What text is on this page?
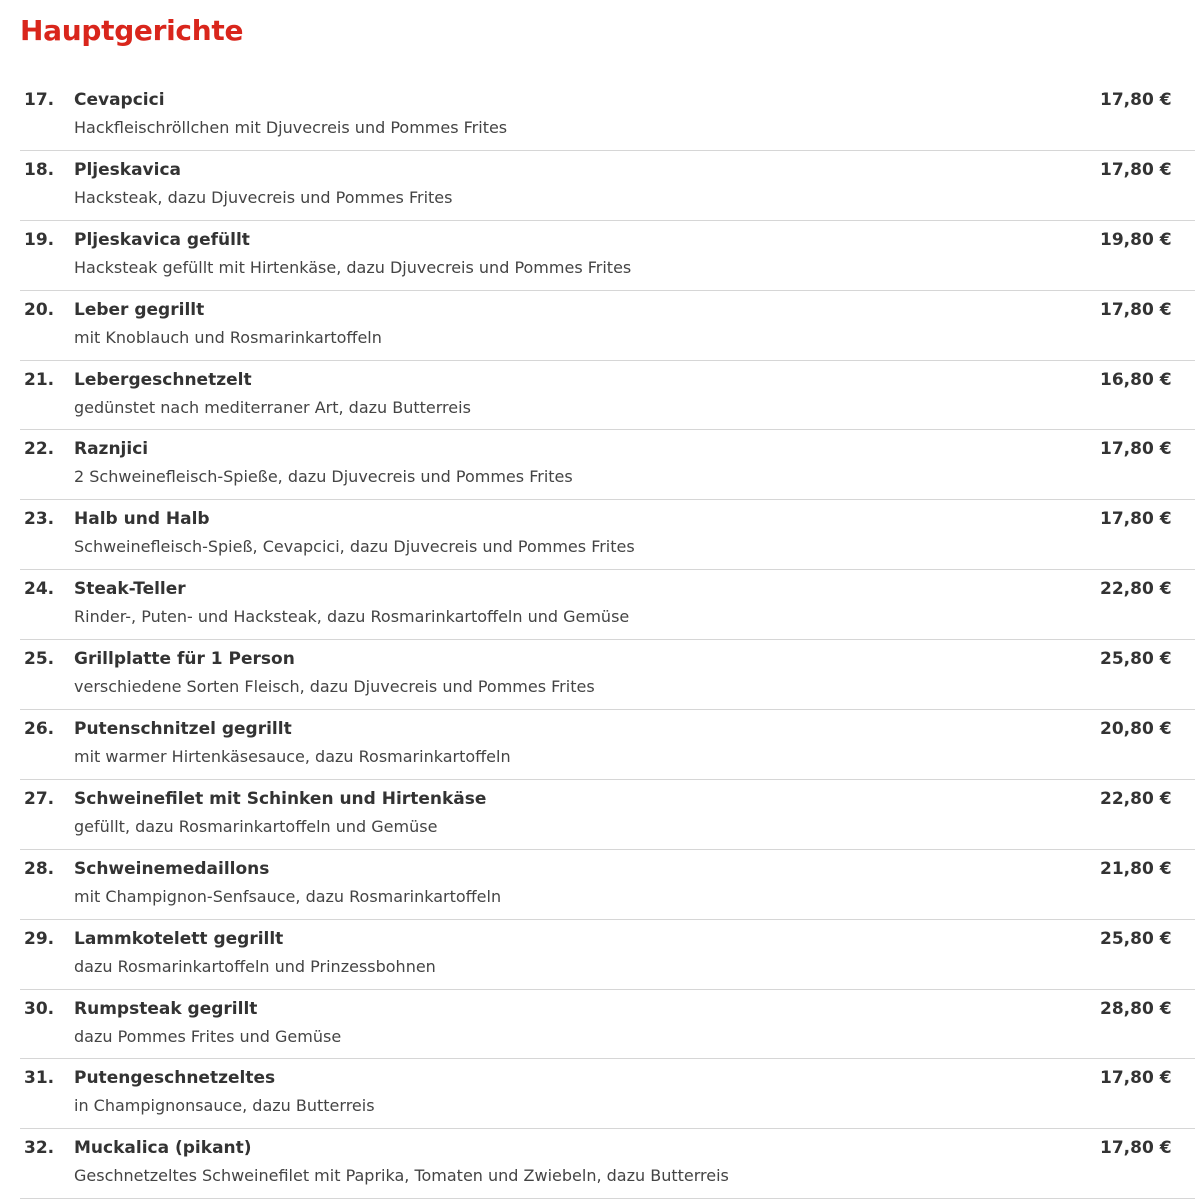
Hauptgerichte
17. Cevapcici
Hackfleischröllchen mit Djuvecreis und Pommes Frites
17,80 €
18. Pljeskavica
Hacksteak, dazu Djuvecreis und Pommes Frites
17,80 €
19. Pljeskavica gefüllt
Hacksteak gefüllt mit Hirtenkäse, dazu Djuvecreis und Pommes Frites
19,80 €
20. Leber gegrillt
mit Knoblauch und Rosmarinkartoffeln
17,80 €
21. Lebergeschnetzelt
gedünstet nach mediterraner Art, dazu Butterreis
16,80 €
22. Raznjici
2 Schweinefleisch-Spieße, dazu Djuvecreis und Pommes Frites
17,80 €
23. Halb und Halb
Schweinefleisch-Spieß, Cevapcici, dazu Djuvecreis und Pommes Frites
17,80 €
24. Steak-Teller
Rinder-, Puten- und Hacksteak, dazu Rosmarinkartoffeln und Gemüse
22,80 €
25. Grillplatte für 1 Person
verschiedene Sorten Fleisch, dazu Djuvecreis und Pommes Frites
25,80 €
26. Putenschnitzel gegrillt
mit warmer Hirtenkäsesauce, dazu Rosmarinkartoffeln
20,80 €
27. Schweinefilet mit Schinken und Hirtenkäse
gefüllt, dazu Rosmarinkartoffeln und Gemüse
22,80 €
28. Schweinemedaillons
mit Champignon-Senfsauce, dazu Rosmarinkartoffeln
21,80 €
29. Lammkotelett gegrillt
dazu Rosmarinkartoffeln und Prinzessbohnen
25,80 €
30. Rumpsteak gegrillt
dazu Pommes Frites und Gemüse
28,80 €
31. Putengeschnetzeltes
in Champignonsauce, dazu Butterreis
17,80 €
32. Muckalica (pikant)
Geschnetzeltes Schweinefilet mit Paprika, Tomaten und Zwiebeln, dazu Butterreis
17,80 €
